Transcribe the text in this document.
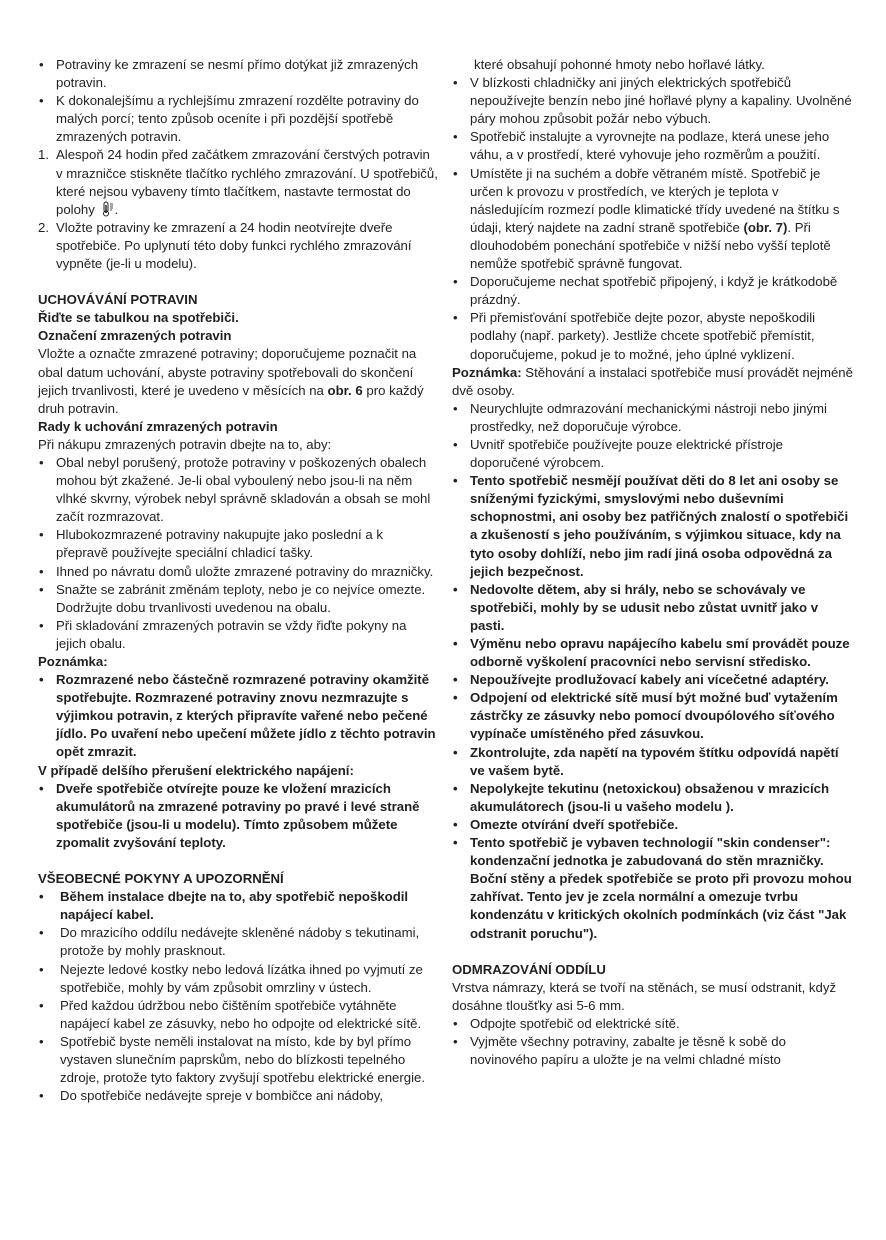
• Potraviny ke zmrazení se nesmí přímo dotýkat již zmrazených potravin.
• K dokonalejšímu a rychlejšímu zmrazení rozdělte potraviny do malých porcí; tento způsob oceníte i při pozdější spotřebě zmrazených potravin.
1. Alespoň 24 hodin před začátkem zmrazování čerstvých potravin v mrazničce stiskněte tlačítko rychlého zmrazování. U spotřebičů, které nejsou vybaveny tímto tlačítkem, nastavte termostat do polohy .
2. Vložte potraviny ke zmrazení a 24 hodin neotvírejte dveře spotřebiče. Po uplynutí této doby funkci rychlého zmrazování vypněte (je-li u modelu).

UCHOVÁVÁNÍ POTRAVIN

Řiďte se tabulkou na spotřebiči.

Označení zmrazených potravin

Vložte a označte zmrazené potraviny; doporučujeme poznačit na obal datum uchování, abyste potraviny spotřebovali do skončení jejich trvanlivosti, které je uvedeno v měsících na obr. 6 pro každý druh potravin.

Rady k uchování zmrazených potravin

Při nákupu zmrazených potravin dbejte na to, aby:

• Obal nebyl porušený, protože potraviny v poškozených obalech mohou být zkažené. Je-li obal vyboulený nebo jsou-li na něm vlhké skvrny, výrobek nebyl správně skladován a obsah se mohl začít rozmrazovat.
• Hlubokozmrazené potraviny nakupujte jako poslední a k přepravě používejte speciální chladicí tašky.
• Ihned po návratu domů uložte zmrazené potraviny do mrazničky.
• Snažte se zabránit změnám teploty, nebo je co nejvíce omezte. Dodržujte dobu trvanlivosti uvedenou na obalu.
• Při skladování zmrazených potravin se vždy řiďte pokyny na jejich obalu.

Poznámka:

• Rozmrazené nebo částečně rozmrazené potraviny okamžitě spotřebujte. Rozmrazené potraviny znovu nezmrazujte s výjimkou potravin, z kterých připravíte vařené nebo pečené jídlo. Po uvaření nebo upečení můžete jídlo z těchto potravin opět zmrazit.

V případě delšího přerušení elektrického napájení:

• Dveře spotřebiče otvírejte pouze ke vložení mrazicích akumulátorů na zmrazené potraviny po pravé i levé straně spotřebiče (jsou-li u modelu). Tímto způsobem můžete zpomalit zvyšování teploty.

VŠEOBECNÉ POKYNY A UPOZORNĚNÍ

• Během instalace dbejte na to, aby spotřebič nepoškodil napájecí kabel.
• Do mrazicího oddílu nedávejte skleněné nádoby s tekutinami, protože by mohly prasknout.
• Nejezte ledové kostky nebo ledová lízátka ihned po vyjmutí ze spotřebiče, mohly by vám způsobit omrzliny v ústech.
• Před každou údržbou nebo čištěním spotřebiče vytáhněte napájecí kabel ze zásuvky, nebo ho odpojte od elektrické sítě.
• Spotřebič byste neměli instalovat na místo, kde by byl přímo vystaven slunečním paprskům, nebo do blízkosti tepelného zdroje, protože tyto faktory zvyšují spotřebu elektrické energie.
• Do spotřebiče nedávejte spreje v bombičce ani nádoby,
které obsahují pohonné hmoty nebo hořlavé látky.
• V blízkosti chladničky ani jiných elektrických spotřebičů nepoužívejte benzín nebo jiné hořlavé plyny a kapaliny. Uvolněné páry mohou způsobit požár nebo výbuch.
• Spotřebič instalujte a vyrovnejte na podlaze, která unese jeho váhu, a v prostředí, které vyhovuje jeho rozměrům a použití.
• Umístěte ji na suchém a dobře větraném místě. Spotřebič je určen k provozu v prostředích, ve kterých je teplota v následujícím rozmezí podle klimatické třídy uvedené na štítku s údaji, který najdete na zadní straně spotřebiče (obr. 7). Při dlouhodobém ponechání spotřebiče v nižší nebo vyšší teplotě nemůže spotřebič správně fungovat.
• Doporučujeme nechat spotřebič připojený, i když je krátkodobě prázdný.
• Při přemisťování spotřebiče dejte pozor, abyste nepoškodili podlahy (např. parkety). Jestliže chcete spotřebič přemístit, doporučujeme, pokud je to možné, jeho úplné vyklizení.

Poznámka: Stěhování a instalaci spotřebiče musí provádět nejméně dvě osoby.

• Neurychlujte odmrazování mechanickými nástroji nebo jinými prostředky, než doporučuje výrobce.
• Uvnitř spotřebiče používejte pouze elektrické přístroje doporučené výrobcem.
• Tento spotřebič nesmějí používat děti do 8 let ani osoby se sníženými fyzickými, smyslovými nebo duševními schopnostmi, ani osoby bez patřičných znalostí o spotřebiči a zkušeností s jeho používáním, s výjimkou situace, kdy na tyto osoby dohlíží, nebo jim radí jiná osoba odpovědná za jejich bezpečnost.
• Nedovolte dětem, aby si hrály, nebo se schovávaly ve spotřebiči, mohly by se udusit nebo zůstat uvnitř jako v pasti.
• Výměnu nebo opravu napájecího kabelu smí provádět pouze odborně vyškolení pracovníci nebo servisní středisko.
• Nepoužívejte prodlužovací kabely ani vícečetné adaptéry.
• Odpojení od elektrické sítě musí být možné buď vytažením zástrčky ze zásuvky nebo pomocí dvoupólového síťového vypínače umístěného před zásuvkou.
• Zkontrolujte, zda napětí na typovém štítku odpovídá napětí ve vašem bytě.
• Nepolykejte tekutinu (netoxickou) obsaženou v mrazicích akumulátorech (jsou-li u vašeho modelu ).
• Omezte otvírání dveří spotřebiče.
• Tento spotřebič je vybaven technologií "skin condenser": kondenzační jednotka je zabudovaná do stěn mrazničky. Boční stěny a předek spotřebiče se proto při provozu mohou zahřívat. Tento jev je zcela normální a omezuje tvrbu kondenzátu v kritických okolních podmínkách (viz část "Jak odstranit poruchu").

ODMRAZOVÁNÍ ODDÍLU

Vrstva námrazy, která se tvoří na stěnách, se musí odstranit, když dosáhne tloušťky asi 5-6 mm.

• Odpojte spotřebič od elektrické sítě.
• Vyjměte všechny potraviny, zabalte je těsně k sobě do novinového papíru a uložte je na velmi chladné místo
